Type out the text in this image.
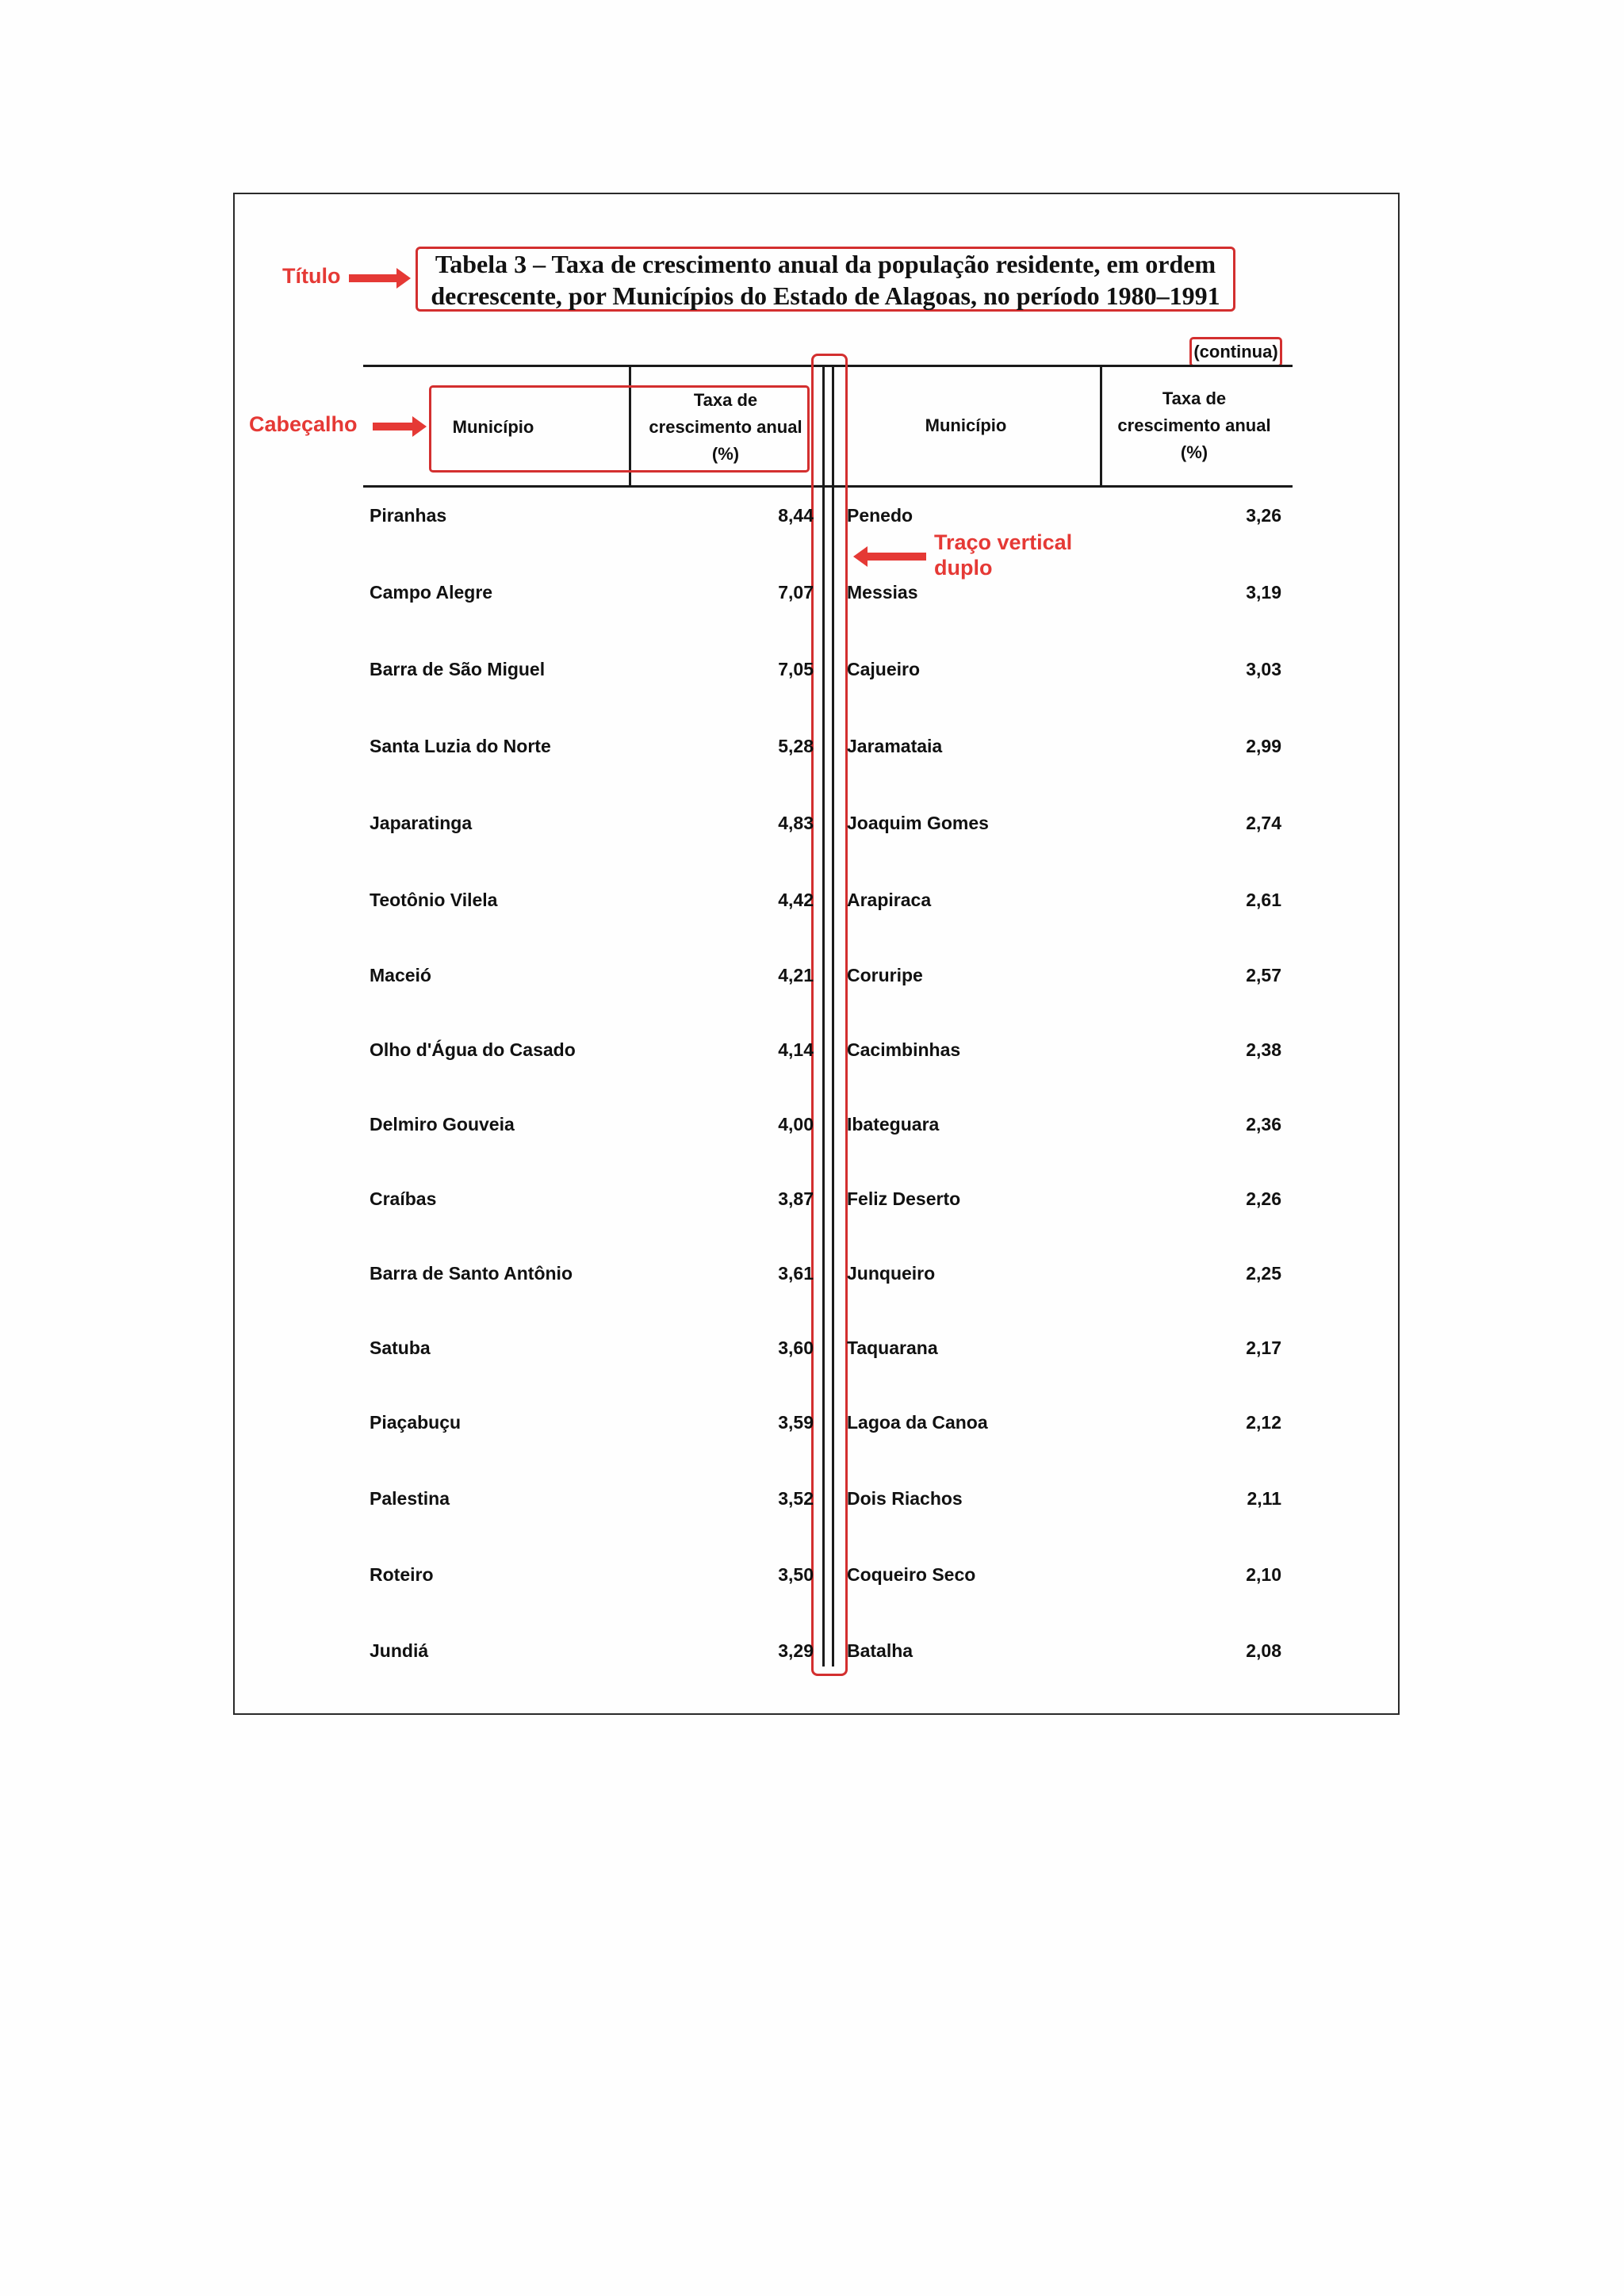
Título	Tabela 3 – Taxa de crescimento anual da população residente, em ordem
decrescente, por Municípios do Estado de Alagoas, no período 1980–1991
(continua)
Cabeçalho	Município
Taxa de
crescimento anual
(%)
Município
Taxa de
crescimento anual
(%)
Traço vertical
duplo
Piranhas	8,44 Penedo	3,26
Campo Alegre	7,07 Messias	3,19
Barra de São Miguel	7,05 Cajueiro	3,03
Santa Luzia do Norte	5,28 Jaramataia	2,99
Japaratinga	4,83 Joaquim Gomes	2,74
Teotônio Vilela	4,42 Arapiraca	2,61
Maceió	4,21 Coruripe	2,57
Olho d'Água do Casado	4,14 Cacimbinhas	2,38
Delmiro Gouveia	4,00 Ibateguara	2,36
Craíbas	3,87 Feliz Deserto	2,26
Barra de Santo Antônio	3,61 Junqueiro	2,25
Satuba	3,60 Taquarana	2,17
Piaçabuçu	3,59 Lagoa da Canoa	2,12
Palestina	3,52 Dois Riachos	2,11
Roteiro	3,50 Coqueiro Seco	2,10
Jundiá	3,29 Batalha	2,08
